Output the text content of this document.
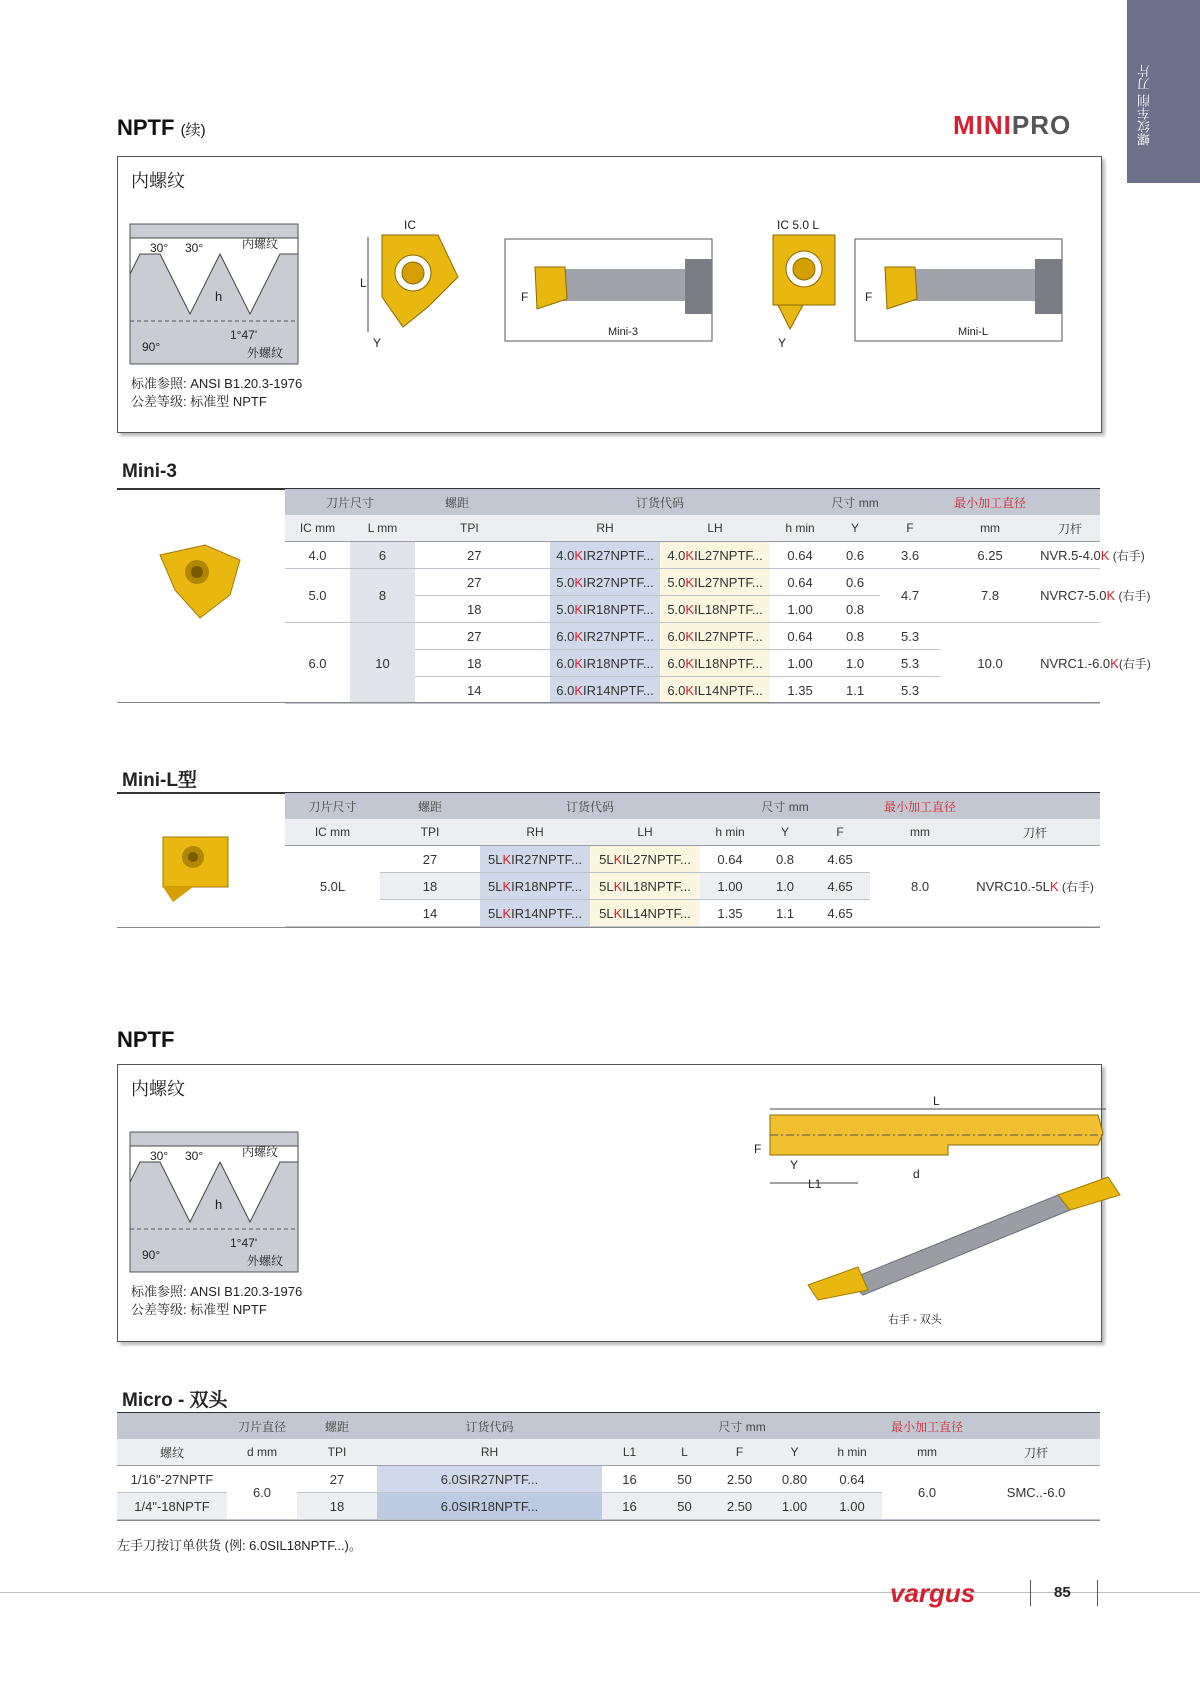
螺纹车削 刀片
NPTF (续)	MINIPRO
内螺纹
30° 30°	内螺纹
h
90°
1°47'
外螺纹
L
IC
Y
F
Mini-3
IC 5.0 L
Y
F
Mini-L
标准参照: ANSI B1.20.3-1976
公差等级: 标准型 NPTF
Mini-3
刀片尺寸		螺距	订货代码		尺寸 mm			最小加工直径	
IC mm	L mm	TPI	RH	LH	h min	Y	F	mm	刀杆
4.0	6	27	4.0KIR27NPTF...	4.0KIL27NPTF...	0.64	0.6	3.6	6.25	NVR.5-4.0K (右手)
5.0	8	27	5.0KIR27NPTF...	5.0KIL27NPTF...	0.64	0.6	4.7	7.8	NVRC7-5.0K (右手)
		18	5.0KIR18NPTF...	5.0KIL18NPTF...	1.00	0.8			
6.0	10	27	6.0KIR27NPTF...	6.0KIL27NPTF...	0.64	0.8	5.3	10.0	NVRC1.-6.0K(右手)
		18	6.0KIR18NPTF...	6.0KIL18NPTF...	1.00	1.0	5.3		
		14	6.0KIR14NPTF...	6.0KIL14NPTF...	1.35	1.1	5.3		
Mini-L型
刀片尺寸	螺距	订货代码		尺寸 mm			最小加工直径	
IC mm	TPI	RH	LH	h min	Y	F	mm	刀杆
5.0L	27	5LKIR27NPTF...	5LKIL27NPTF...	0.64	0.8	4.65	8.0	NVRC10.-5LK (右手)
	18	5LKIR18NPTF...	5LKIL18NPTF...	1.00	1.0	4.65		
	14	5LKIR14NPTF...	5LKIL14NPTF...	1.35	1.1	4.65		
NPTF
内螺纹
30° 30°	内螺纹
h
90°
1°47'
外螺纹
L
F
Y
L1
d
右手 - 双头
标准参照: ANSI B1.20.3-1976
公差等级: 标准型 NPTF
Micro - 双头
	刀片直径	螺距	订货代码	尺寸 mm					最小加工直径	
螺纹	d mm	TPI	RH	L1	L	F	Y	h min	mm	刀杆
1/16"-27NPTF	6.0	27	6.0SIR27NPTF...	16	50	2.50	0.80	0.64	6.0	SMC..-6.0
1/4"-18NPTF		18	6.0SIR18NPTF...	16	50	2.50	1.00	1.00		
左手刀按订单供货 (例: 6.0SIL18NPTF...)。
vargus	85
